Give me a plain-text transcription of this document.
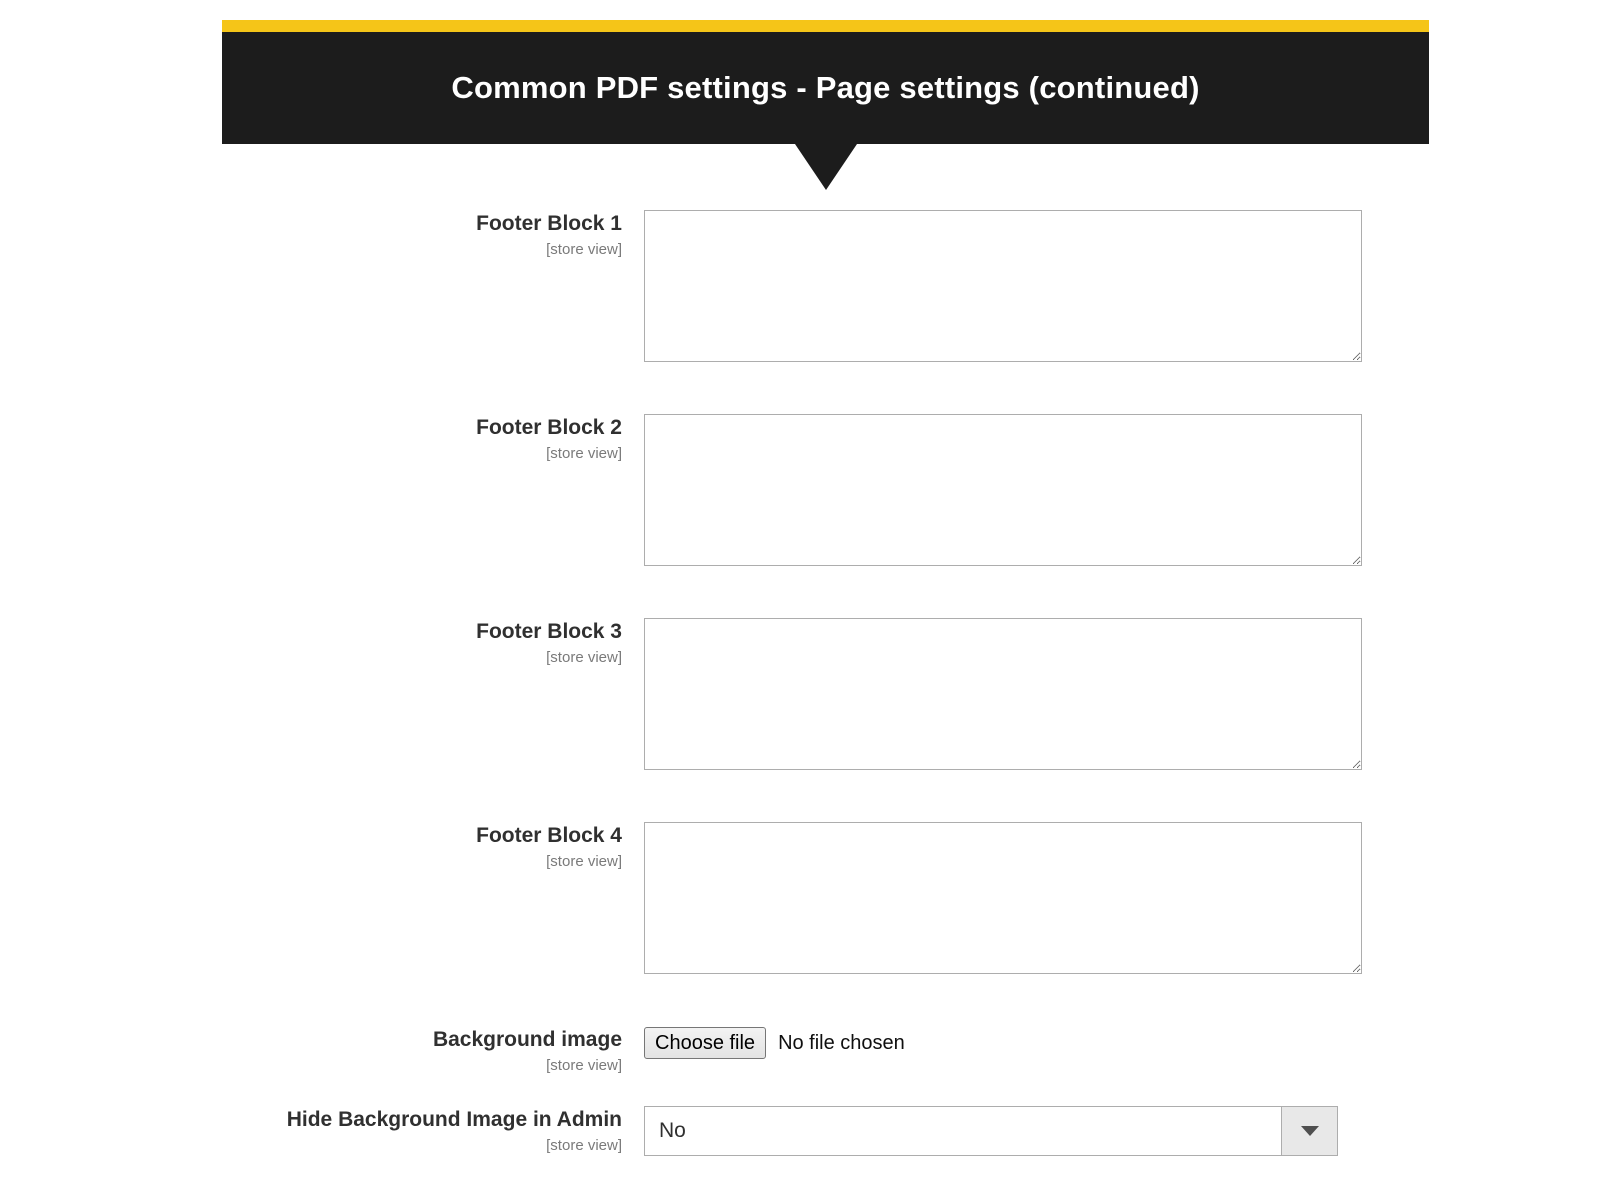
Common PDF settings - Page settings (continued)
Footer Block 1
[store view]
Footer Block 2
[store view]
Footer Block 3
[store view]
Footer Block 4
[store view]
Background image
[store view]
Choose file	No file chosen
Hide Background Image in Admin
[store view]
No
